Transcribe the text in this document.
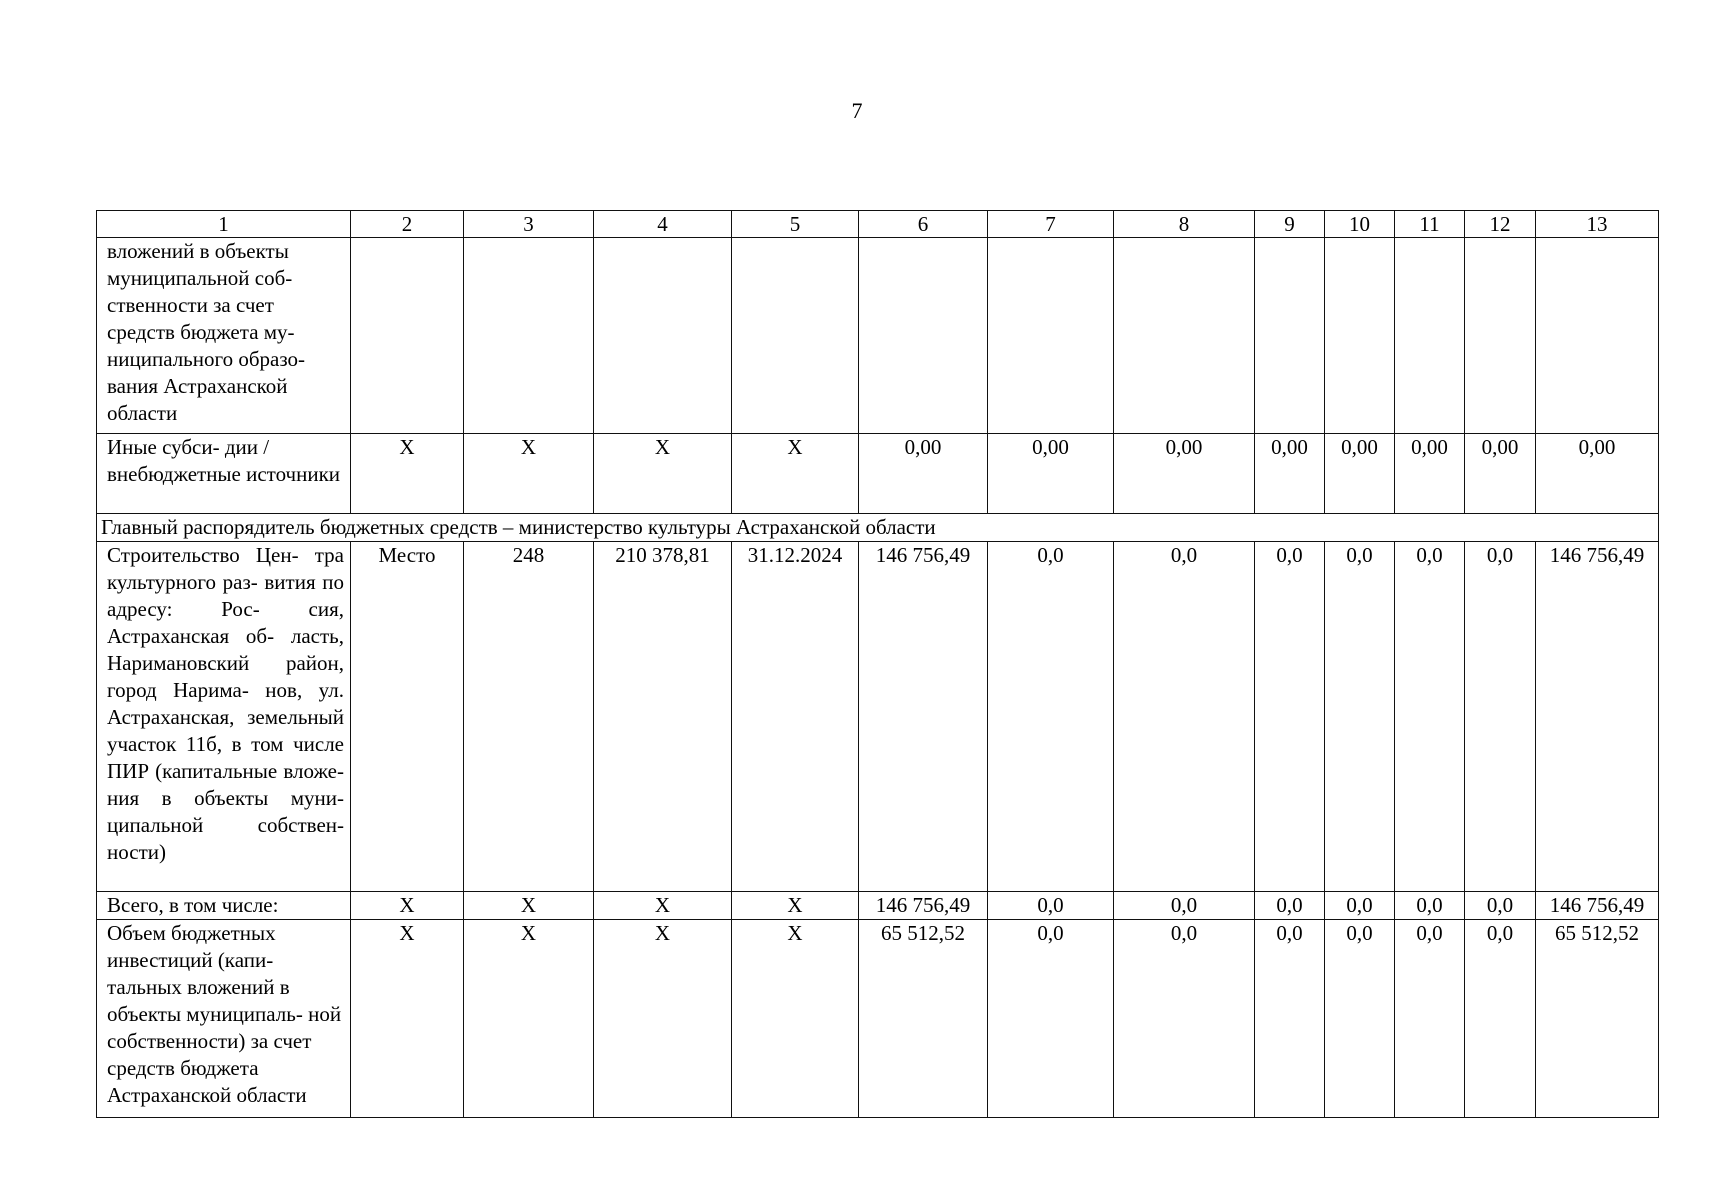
7
1	2	3	4	5	6	7	8	9	10	11	12	13
вложений в объекты муниципальной соб- ственности за счет средств бюджета му- ниципального образо- вания Астраханской области												
Иные субси- дии / внебюджетные источники	X	X	X	X	0,00	0,00	0,00	0,00	0,00	0,00	0,00	0,00
Главный распорядитель бюджетных средств – министерство культуры Астраханской области												
Строительство Цен- тра культурного раз- вития по адресу: Рос- сия, Астраханская об- ласть, Наримановский район, город Нарима- нов, ул. Астраханская, земельный участок 11б, в том числе ПИР (капитальные вложе- ния в объекты муни- ципальной собствен- ности)	Место	248	210 378,81	31.12.2024	146 756,49	0,0	0,0	0,0	0,0	0,0	0,0	146 756,49
Всего, в том числе:	X	X	X	X	146 756,49	0,0	0,0	0,0	0,0	0,0	0,0	146 756,49
Объем бюджетных инвестиций (капи- тальных вложений в объекты муниципаль- ной собственности) за счет средств бюджета Астраханской области	X	X	X	X	65 512,52	0,0	0,0	0,0	0,0	0,0	0,0	65 512,52
